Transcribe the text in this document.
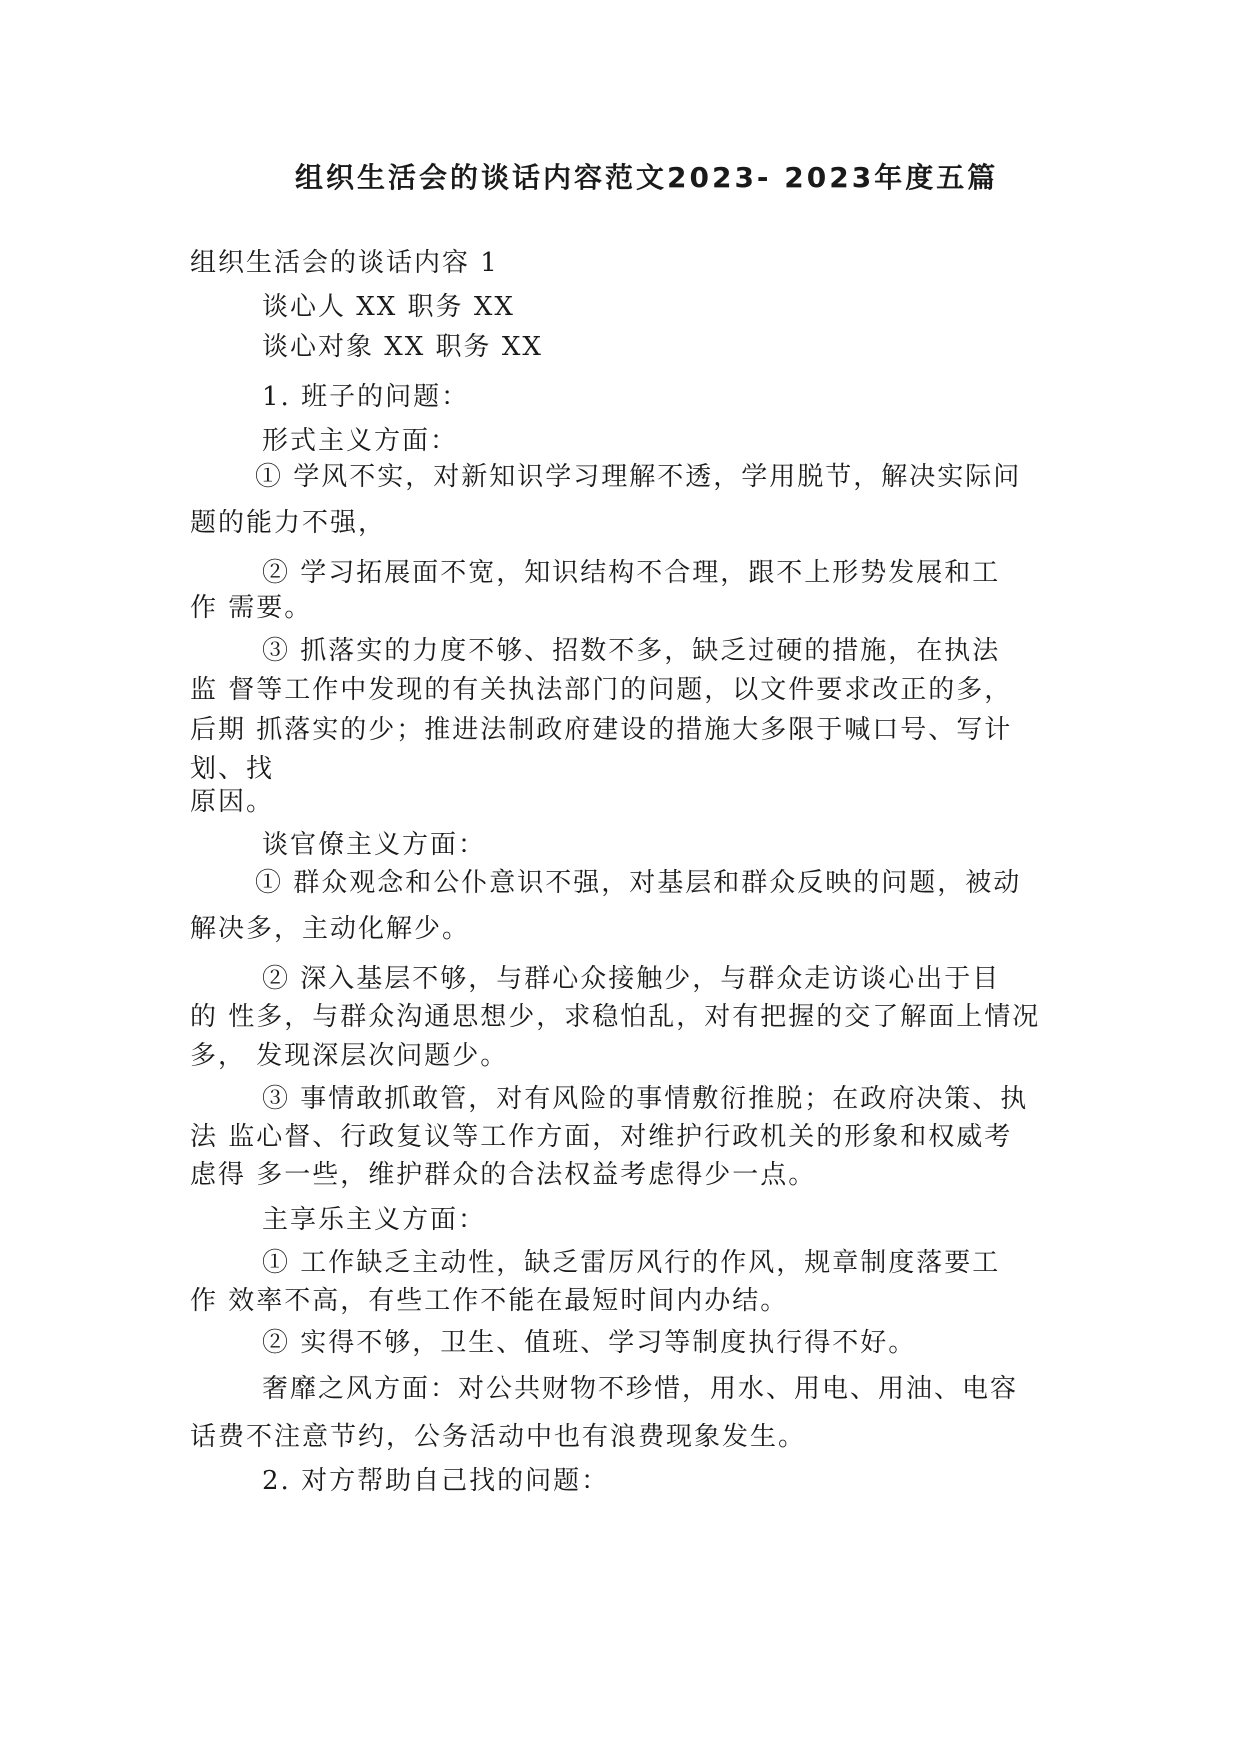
组织生活会的谈话内容范文2023- 2023年度五篇
组织生活会的谈话内容 1
谈心人 XX 职务 XX
谈心对象 XX 职务 XX
1. 班子的问题：
形式主义方面：
① 学风不实，对新知识学习理解不透，学用脱节，解决实际问
题的能力不强，
② 学习拓展面不宽，知识结构不合理，跟不上形势发展和工
作 需要。
③ 抓落实的力度不够、招数不多，缺乏过硬的措施，在执法
监 督等工作中发现的有关执法部门的问题，以文件要求改正的多，
后期 抓落实的少；推进法制政府建设的措施大多限于喊口号、写计
划、找
原因。
谈官僚主义方面：
① 群众观念和公仆意识不强，对基层和群众反映的问题，被动
解决多，主动化解少。
② 深入基层不够，与群心众接触少，与群众走访谈心出于目
的 性多，与群众沟通思想少，求稳怕乱，对有把握的交了解面上情况
多， 发现深层次问题少。
③ 事情敢抓敢管，对有风险的事情敷衍推脱；在政府决策、执
法 监心督、行政复议等工作方面，对维护行政机关的形象和权威考
虑得 多一些，维护群众的合法权益考虑得少一点。
主享乐主义方面：
① 工作缺乏主动性，缺乏雷厉风行的作风，规章制度落要工
作 效率不高，有些工作不能在最短时间内办结。
② 实得不够，卫生、值班、学习等制度执行得不好。
奢靡之风方面：对公共财物不珍惜，用水、用电、用油、电容
话费不注意节约，公务活动中也有浪费现象发生。
2. 对方帮助自己找的问题：
